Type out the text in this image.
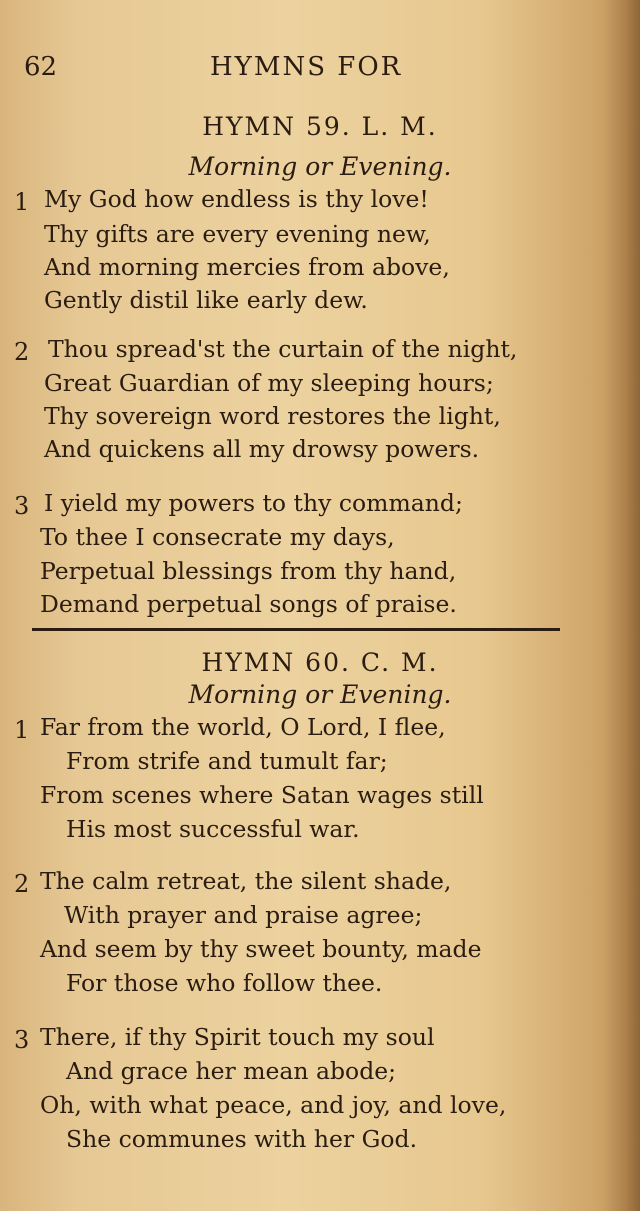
62	HYMNS FOR
HYMN 59. L. M.
Morning or Evening.
1 My God how endless is thy love!
Thy gifts are every evening new,
And morning mercies from above,
Gently distil like early dew.
2 Thou spread'st the curtain of the night,
Great Guardian of my sleeping hours;
Thy sovereign word restores the light,
And quickens all my drowsy powers.
3 I yield my powers to thy command;
To thee I consecrate my days,
Perpetual blessings from thy hand,
Demand perpetual songs of praise.
HYMN 60. C. M.
Morning or Evening.
1 Far from the world, O Lord, I flee,
From strife and tumult far;
From scenes where Satan wages still
His most successful war.
2 The calm retreat, the silent shade,
With prayer and praise agree;
And seem by thy sweet bounty, made
For those who follow thee.
3 There, if thy Spirit touch my soul
And grace her mean abode;
Oh, with what peace, and joy, and love,
She communes with her God.
